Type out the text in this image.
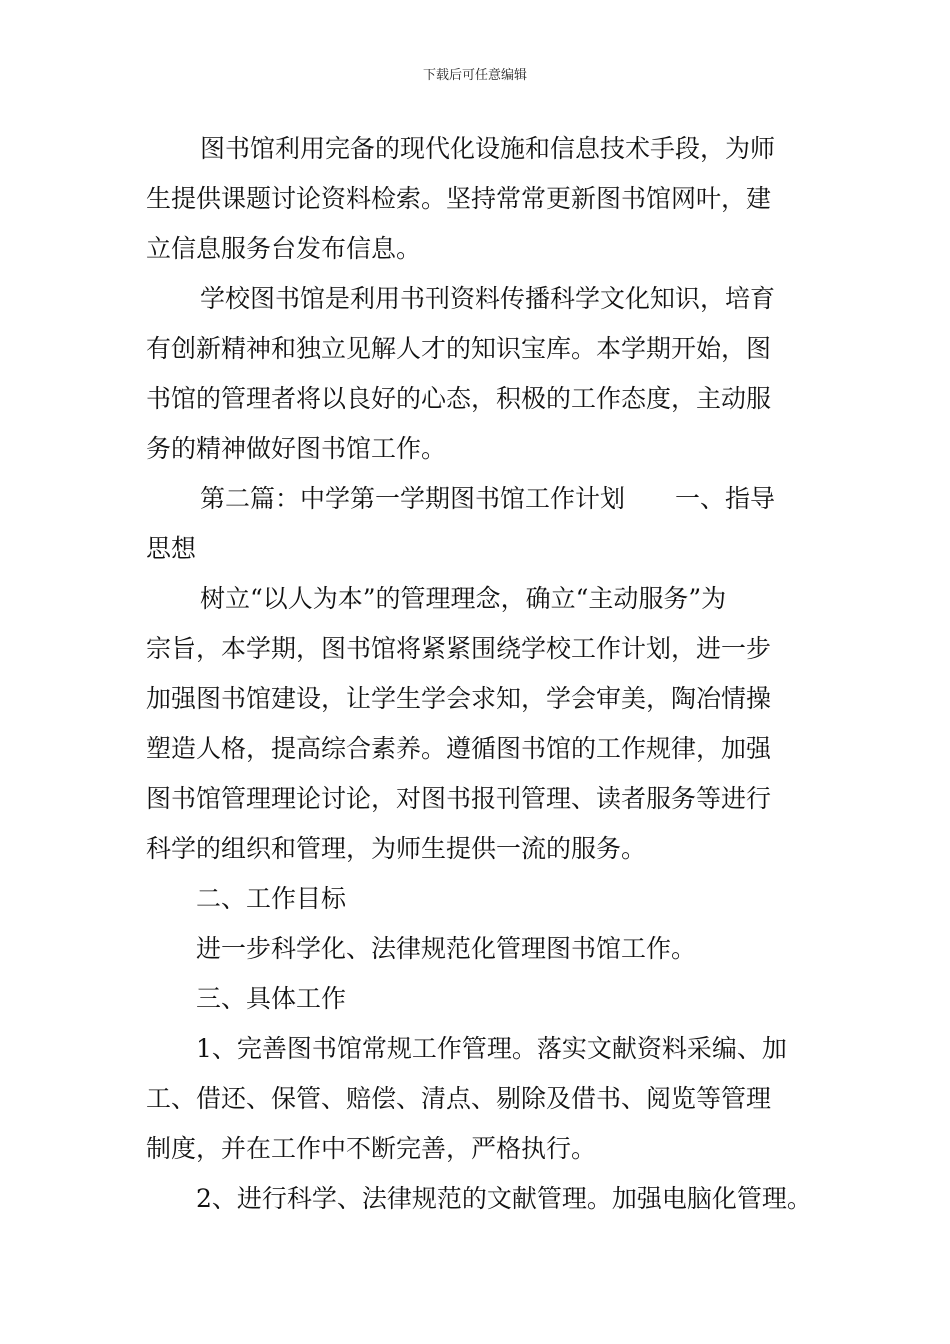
下载后可任意编辑
图书馆利用完备的现代化设施和信息技术手段，为师
生提供课题讨论资料检索。坚持常常更新图书馆网叶，建
立信息服务台发布信息。
学校图书馆是利用书刊资料传播科学文化知识，培育
有创新精神和独立见解人才的知识宝库。本学期开始，图
书馆的管理者将以良好的心态，积极的工作态度，主动服
务的精神做好图书馆工作。
第二篇：中学第一学期图书馆工作计划　　一、指导
思想
树立“以人为本”的管理理念，确立“主动服务”为
宗旨，本学期，图书馆将紧紧围绕学校工作计划，进一步
加强图书馆建设，让学生学会求知，学会审美，陶冶情操
塑造人格，提高综合素养。遵循图书馆的工作规律，加强
图书馆管理理论讨论，对图书报刊管理、读者服务等进行
科学的组织和管理，为师生提供一流的服务。
二、工作目标
进一步科学化、法律规范化管理图书馆工作。
三、具体工作
1、完善图书馆常规工作管理。落实文献资料采编、加
工、借还、保管、赔偿、清点、剔除及借书、阅览等管理
制度，并在工作中不断完善，严格执行。
2、进行科学、法律规范的文献管理。加强电脑化管理。
